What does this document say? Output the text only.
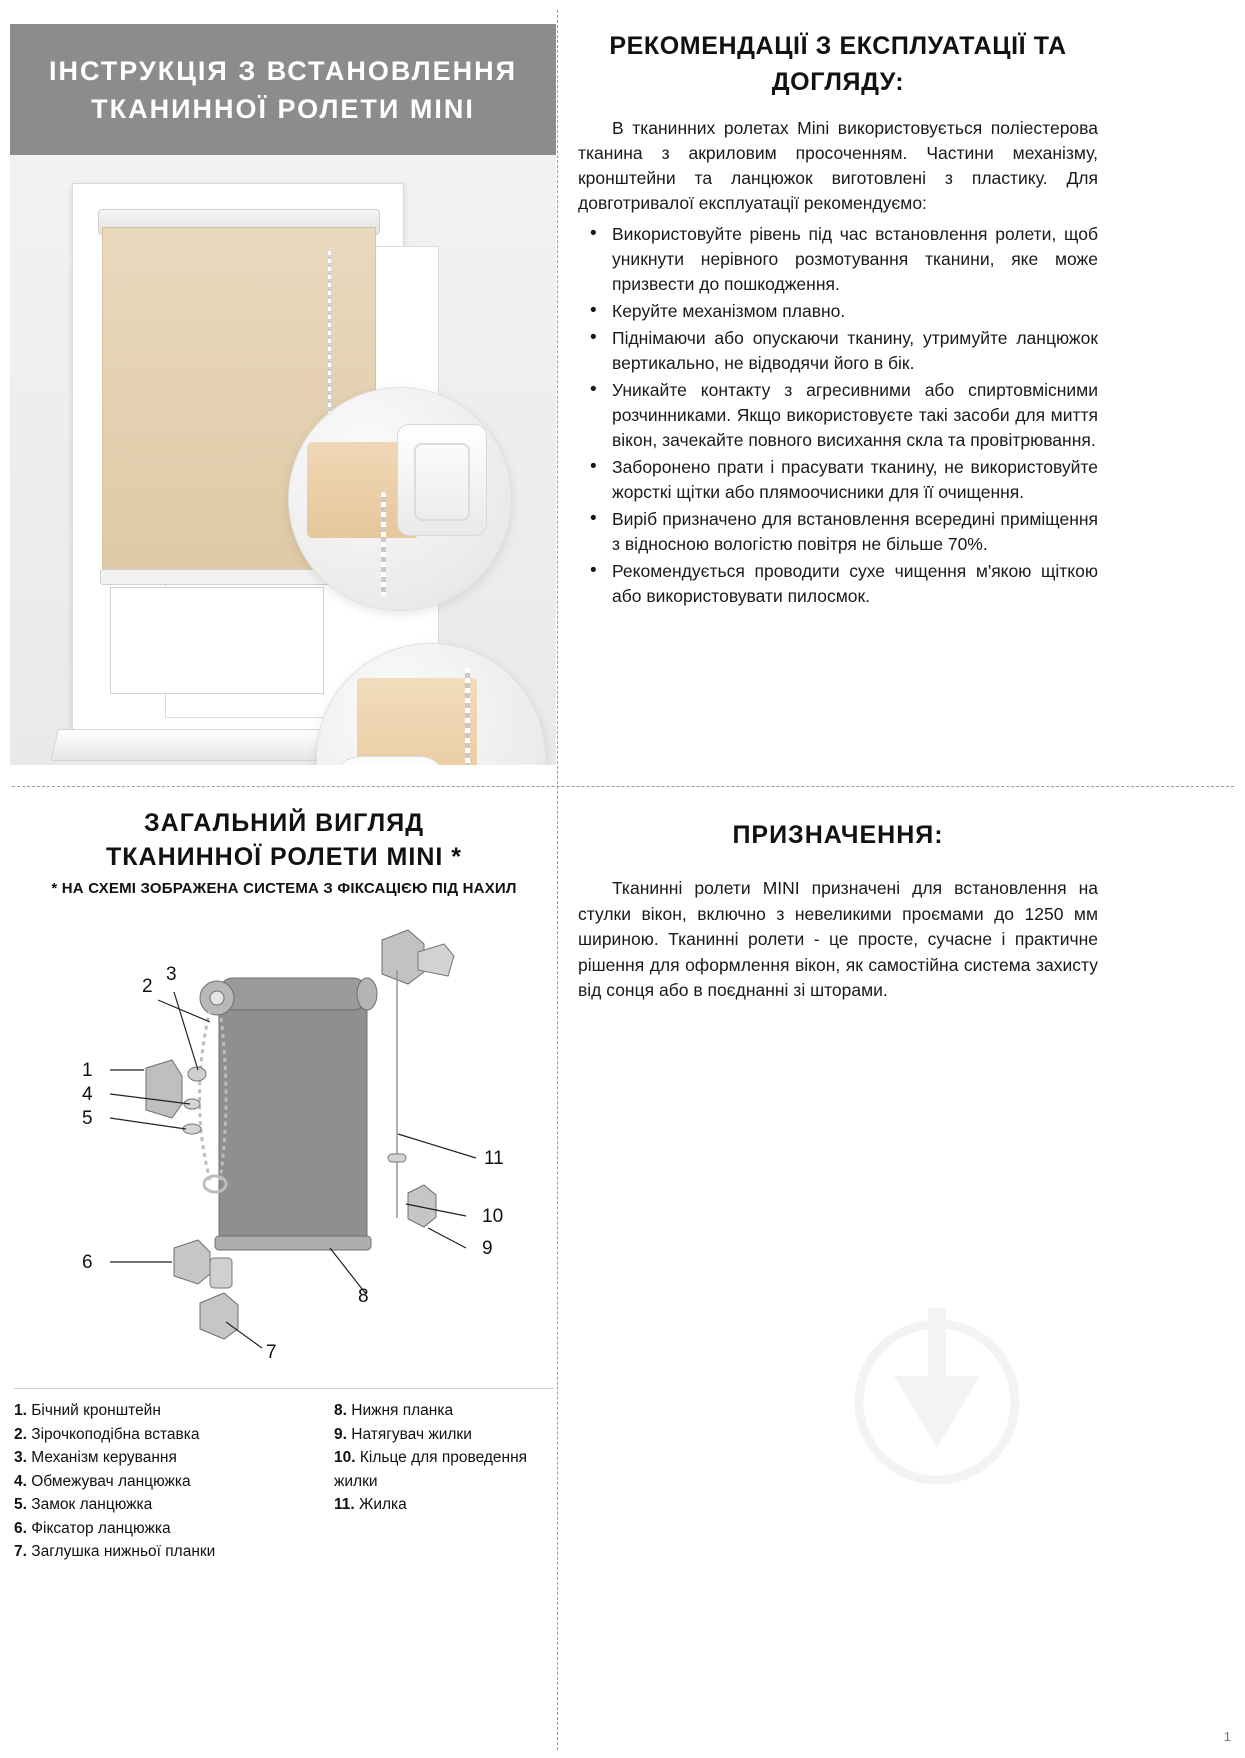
ІНСТРУКЦІЯ З ВСТАНОВЛЕННЯ ТКАНИННОЇ РОЛЕТИ MINI
РЕКОМЕНДАЦІЇ З ЕКСПЛУАТАЦІЇ ТА ДОГЛЯДУ:

В тканинних ролетах Mini використовується поліестерова тканина з акриловим просоченням. Частини механізму, кронштейни та ланцюжок виготовлені з пластику. Для довготривалої експлуатації рекомендуємо:

• Використовуйте рівень під час встановлення ролети, щоб уникнути нерівного розмотування тканини, яке може призвести до пошкодження.
• Керуйте механізмом плавно.
• Піднімаючи або опускаючи тканину, утримуйте ланцюжок вертикально, не відводячи його в бік.
• Уникайте контакту з агресивними або спиртовмісними розчинниками. Якщо використовуєте такі засоби для миття вікон, зачекайте повного висихання скла та провітрювання.
• Заборонено прати і прасувати тканину, не використовуйте жорсткі щітки або плямоочисники для її очищення.
• Виріб призначено для встановлення всередині приміщення з відносною вологістю повітря не більше 70%.
• Рекомендується проводити сухе чищення м'якою щіткою або використовувати пилосмок.
ЗАГАЛЬНИЙ ВИГЛЯД
ТКАНИННОЇ РОЛЕТИ MINI *
* НА СХЕМІ ЗОБРАЖЕНА СИСТЕМА З ФІКСАЦІЄЮ ПІД НАХИЛ
1
4
5
2
3
6
7
8
11
10
9
1. Бічний кронштейн
2. Зірочкоподібна вставка
3. Механізм керування
4. Обмежувач ланцюжка
5. Замок ланцюжка
6. Фіксатор ланцюжка
7. Заглушка нижньої планки
8. Нижня планка
9. Натягувач жилки
10. Кільце для проведення жилки
11. Жилка
ПРИЗНАЧЕННЯ:

Тканинні ролети MINI призначені для встановлення на стулки вікон, включно з невеликими проємами до 1250 мм шириною. Тканинні ролети - це просте, сучасне і практичне рішення для оформлення вікон, як самостійна система захисту від сонця або в поєднанні зі шторами.

1
